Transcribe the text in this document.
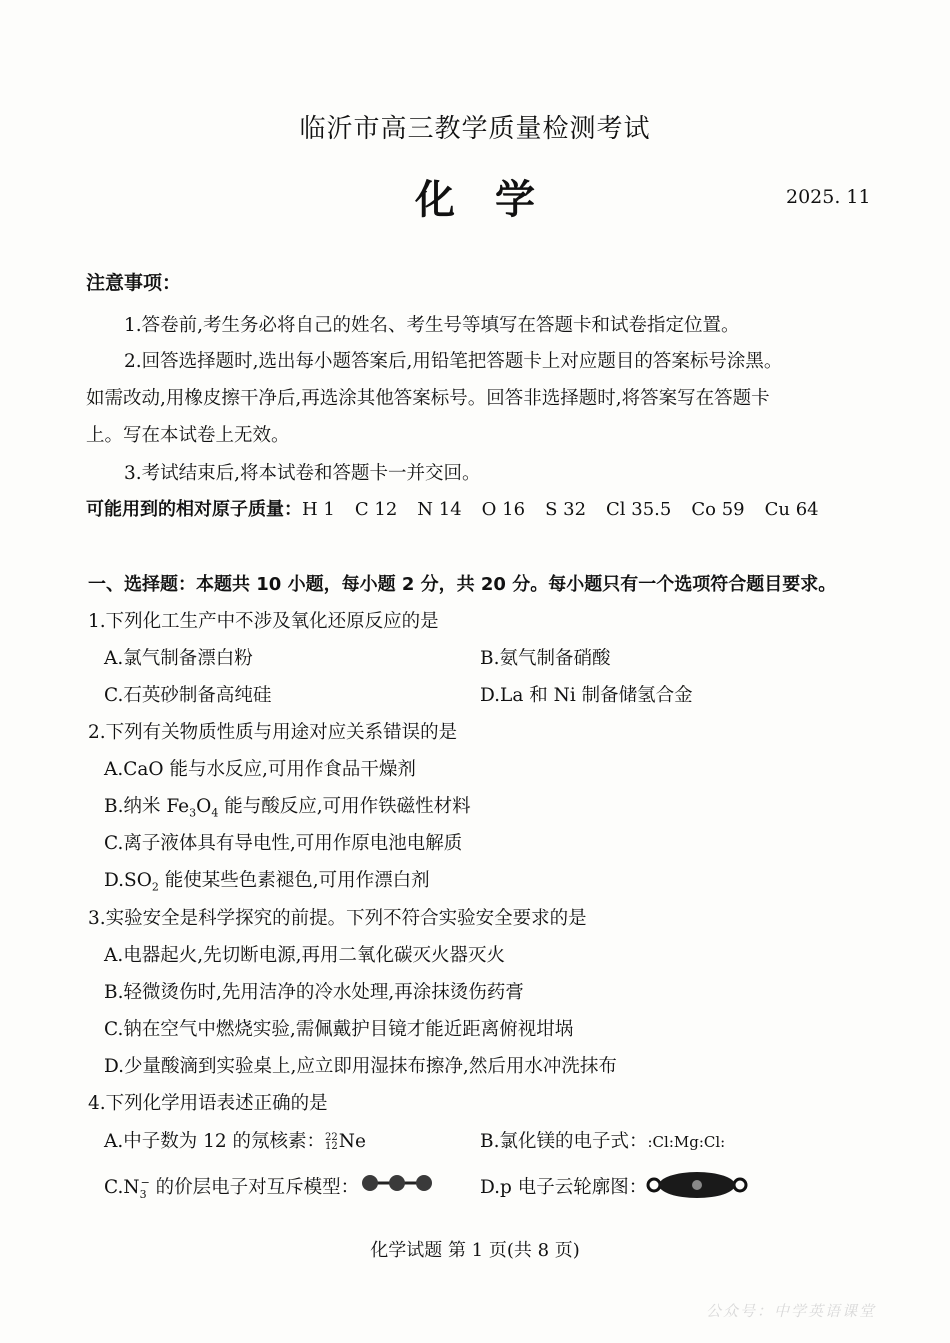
临沂市高三教学质量检测考试
化学	2025. 11
注意事项：
1.答卷前,考生务必将自己的姓名、考生号等填写在答题卡和试卷指定位置。
2.回答选择题时,选出每小题答案后,用铅笔把答题卡上对应题目的答案标号涂黑。
如需改动,用橡皮擦干净后,再选涂其他答案标号。回答非选择题时,将答案写在答题卡
上。写在本试卷上无效。
3.考试结束后,将本试卷和答题卡一并交回。
可能用到的相对原子质量：H 1 C 12 N 14 O 16 S 32 Cl 35.5 Co 59 Cu 64
一、选择题：本题共 10 小题，每小题 2 分，共 20 分。每小题只有一个选项符合题目要求。
1.下列化工生产中不涉及氧化还原反应的是
A.氯气制备漂白粉	B.氨气制备硝酸
C.石英砂制备高纯硅	D.La 和 Ni 制备储氢合金
2.下列有关物质性质与用途对应关系错误的是
A.CaO 能与水反应,可用作食品干燥剂
B.纳米 $Fe_3O_4$ 能与酸反应,可用作铁磁性材料
C.离子液体具有导电性,可用作原电池电解质
$D.SO_2$ 能使某些色素褪色,可用作漂白剂
3.实验安全是科学探究的前提。下列不符合实验安全要求的是
A.电器起火,先切断电源,再用二氧化碳灭火器灭火
B.轻微烫伤时,先用洁净的冷水处理,再涂抹烫伤药膏
C.钠在空气中燃烧实验,需佩戴护目镜才能近距离俯视坩埚
D.少量酸滴到实验桌上,应立即用湿抹布擦净,然后用水冲洗抹布
4.下列化学用语表述正确的是
A.中子数为 12 的氖核素：22
12Ne	B.氯化镁的电子式：:Cl:Mg:Cl:
$C.N_3^-$ 的价层电子对互斥模型：	D.p 电子云轮廓图：
化学试题 第 1 页(共 8 页)
公众号：中学英语课堂
